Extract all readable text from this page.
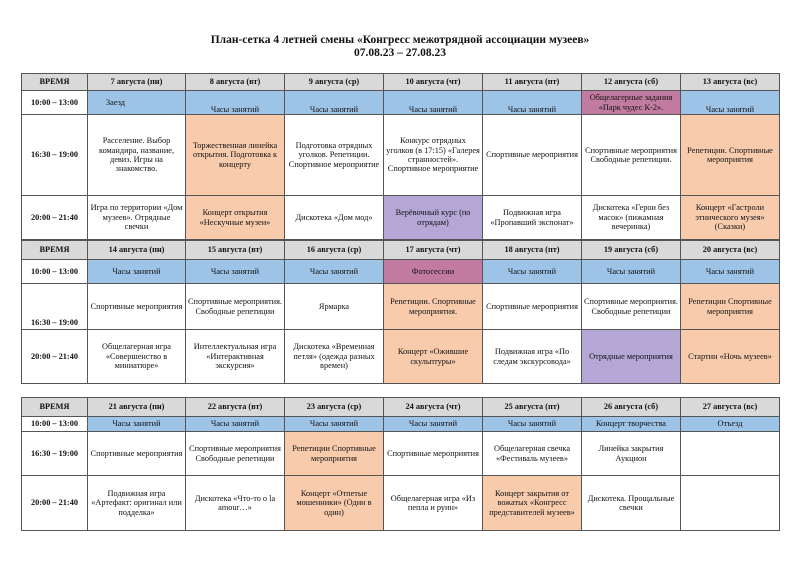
План-сетка 4 летней смены «Конгресс межотрядной ассоциации музеев»
07.08.23 – 27.08.23
ВРЕМЯ	7 августа (пн)	8 августа (вт)	9 августа (ср)	10 августа (чт)	11 августа (пт)	12 августа (сб)	13 августа (вс)
10:00 – 13:00	Заезд	Часы занятий	Часы занятий	Часы занятий	Часы занятий	Общелагерные задания «Парк чудес К-2».	Часы занятий
16:30 – 19:00	Расселение. Выбор командира, название, девиз. Игры на знакомство.	Торжественная линейка открытия. Подготовка к концерту	Подготовка отрядных уголков. Репетиции. Спортивное мероприятие	Конкурс отрядных уголков (в 17:15) «Галерея странностей». Спортивное мероприятие	Спортивные мероприятия	Спортивные мероприятия Свободные репетиции.	Репетиции. Спортивные мероприятия
20:00 – 21:40	Игра по территории «Дом музеев». Отрядные свечки	Концерт открытия «Нескучные музеи»	Дискотека «Дом мод»	Верёвочный курс (по отрядам)	Подвижная игра «Пропавший экспонат»	Дискотека «Герои без масок» (пижамная вечеринка)	Концерт «Гастроли этнического музея» (Сказки)
ВРЕМЯ	14 августа (пн)	15 августа (вт)	16 августа (ср)	17 августа (чт)	18 августа (пт)	19 августа (сб)	20 августа (вс)
10:00 – 13:00	Часы занятий	Часы занятий	Часы занятий	Фотосессии	Часы занятий	Часы занятий	Часы занятий
16:30 – 19:00	Спортивные мероприятия	Спортивные мероприятия. Свободные репетиции	Ярмарка	Репетиции. Спортивные мероприятия.	Спортивные мероприятия	Спортивные мероприятия. Свободные репетиции	Репетиции Спортивные мероприятия
20:00 – 21:40	Общелагерная игра «Совершенство в миниатюре»	Интеллектуальная игра «Интерактивная экскурсия»	Дискотека «Временная петля» (одежда разных времен)	Концерт «Ожившие скульптуры»	Подвижная игра «По следам экскурсовода»	Отрядные мероприятия	Стартин «Ночь музеев»
ВРЕМЯ	21 августа (пн)	22 августа (вт)	23 августа (ср)	24 августа (чт)	25 августа (пт)	26 августа (сб)	27 августа (вс)
10:00 – 13:00	Часы занятий	Часы занятий	Часы занятий	Часы занятий	Часы занятий	Концерт творчества	Отъезд
16:30 – 19:00	Спортивные мероприятия	Спортивные мероприятия Свободные репетиции	Репетиции Спортивные мероприятия	Спортивные мероприятия	Общелагерная свечка «Фестиваль музеев»	Линейка закрытия Аукцион	
20:00 – 21:40	Подвижная игра «Артефакт: оригинал или подделка»	Дискотека «Что-то о la amour…»	Концерт «Отпетые мошенники» (Один в один)	Общелагерная игра «Из пепла и руин»	Концерт закрытия от вожатых «Конгресс представителей музеев»	Дискотека. Прощальные свечки	
